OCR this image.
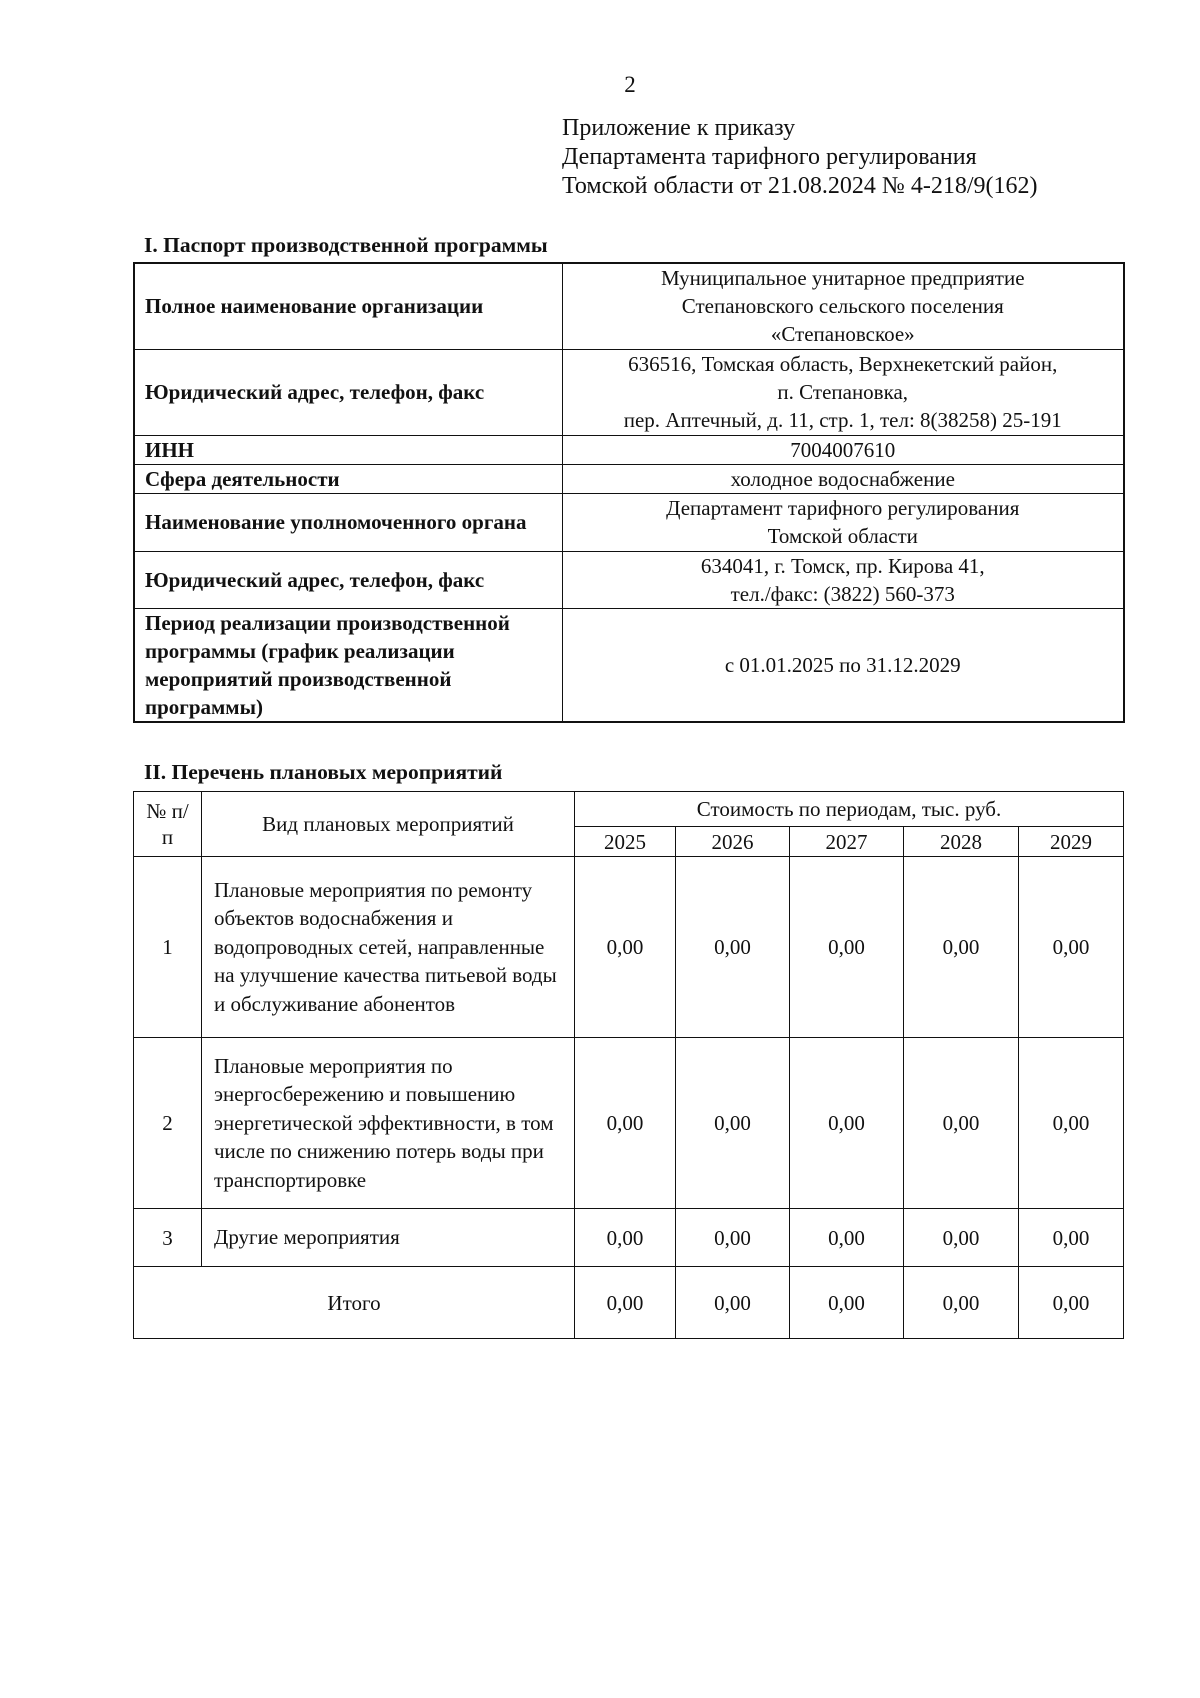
2
Приложение к приказу
Департамента тарифного регулирования
Томской области от 21.08.2024 № 4-218/9(162)
I. Паспорт производственной программы
Полное наименование организации	Муниципальное унитарное предприятие
Степановского сельского поселения
«Степановское»

Юридический адрес, телефон, факс	636516, Томская область, Верхнекетский район,
п. Степановка,
пер. Аптечный, д. 11, стр. 1, тел: 8(38258) 25-191

ИНН	7004007610

Сфера деятельности	холодное водоснабжение

Наименование уполномоченного органа	Департамент тарифного регулирования
Томской области

Юридический адрес, телефон, факс	634041, г. Томск, пр. Кирова 41,
тел./факс: (3822) 560-373

Период реализации производственной программы (график реализации мероприятий производственной программы)	с 01.01.2025 по 31.12.2029
II. Перечень плановых мероприятий
№ п/п	Вид плановых мероприятий	Стоимость по периодам, тыс. руб.				
		2025	2026	2027	2028	2029
1	Плановые мероприятия по ремонту объектов водоснабжения и водопроводных сетей, направленные на улучшение качества питьевой воды и обслуживание абонентов	0,00	0,00	0,00	0,00	0,00
2	Плановые мероприятия по энергосбережению и повышению энергетической эффективности, в том числе по снижению потерь воды при транспортировке	0,00	0,00	0,00	0,00	0,00
3	Другие мероприятия	0,00	0,00	0,00	0,00	0,00
Итого		0,00	0,00	0,00	0,00	0,00
